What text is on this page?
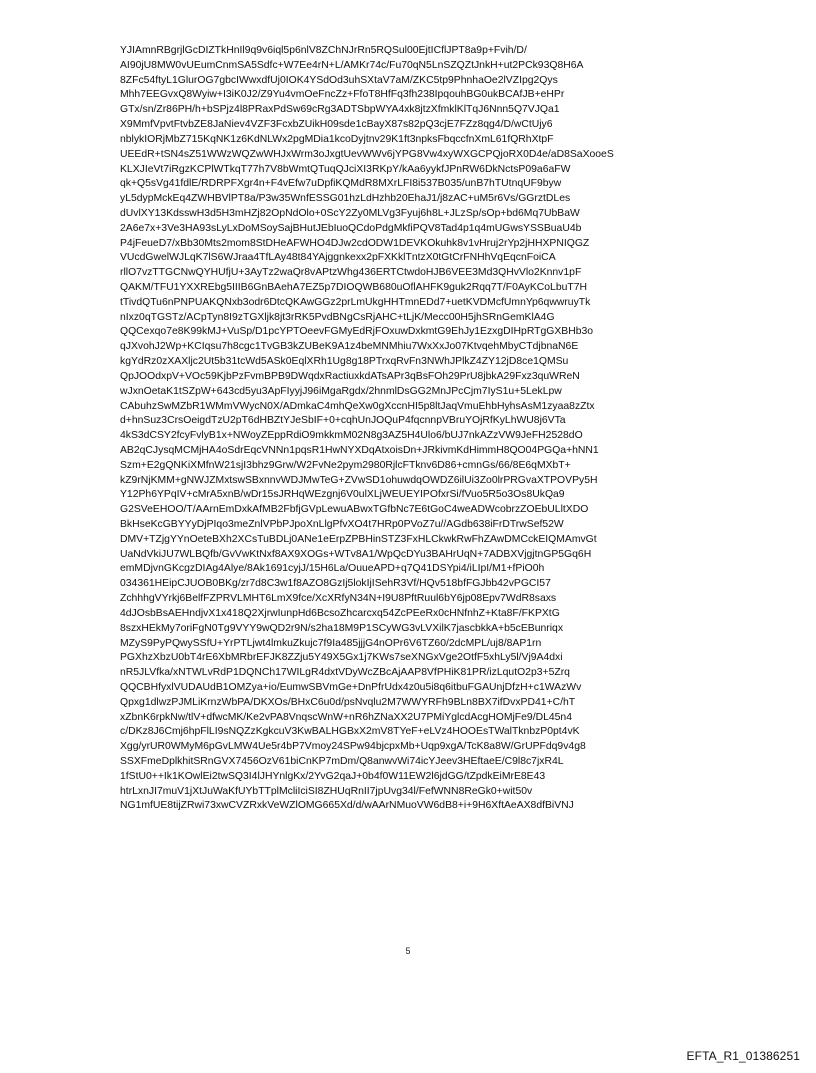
YJIAmnRBgrjlGcDIZTkHnIl9q9v6iql5p6nlV8ZChNJrRn5RQSul00EjtICflJPT8a9p+Fvih/D/
AI90jU8MW0vUEumCnmSA5Sdfc+W7Ee4rN+L/AMKr74c/Fu70qN5LnSZQZtJnkH+ut2PCk93Q8H6A
8ZFc54ftyL1GlurOG7gbcIWwxdfUj0IOK4YSdOd3uhSXtaV7aM/ZKC5tp9PhnhaOe2lVZIpg2Qys
Mhh7EEGvxQ8Wyiw+I3iK0J2/Z9Yu4vmOeFncZz+FfoT8HfFq3fh238IpqouhBG0ukBCAfJB+eHPr
GTx/sn/Zr86PH/h+bSPjz4l8PRaxPdSw69cRg3ADTSbpWYA4xk8jtzXfmklKlTqJ6Nnn5Q7VJQa1
X9MmfVpvtFtvbZE8JaNiev4VZF3FcxbZUikH09sde1cBayX87s82pQ3cjE7FZz8qg4/D/wCtUjy6
nblykIORjMbZ715KqNK1z6KdNLWx2pgMDia1kcoDyjtnv29K1ft3npksFbqccfnXmL61fQRhXtpF
UEEdR+tSN4sZ51WWzWQZwWHJxWrm3oJxgtUevWWv6jYPG8Vw4xyWXGCPQjoRX0D4e/aD8SaXooeS
KLXJIeVt7iRgzKCPlWTkqT77h7V8bWmtQTuqQJciXI3RKpY/kAa6yykfJPnRW6DkNctsP09a6aFW
qk+Q5sVg41fdlE/RDRPFXgr4n+F4vEfw7uDpfiKQMdR8MXrLFI8i537B035/unB7hTUtnqUF9byw
yL5dypMckEq4ZWHBVlPT8a/P3w35WnfESSG01hzLdHzhb20EhaJ1/j8zAC+uM5r6Vs/GGrztDLes
dUvlXY13KdsswH3d5H3mHZj82OpNdOlo+0ScY2Zy0MLVg3Fyuj6h8L+JLzSp/sOp+bd6Mq7UbBaW
2A6e7x+3Ve3HA93sLyLxDoMSoySajBHutJEbIuoQCdoPdgMkfiPQV8Tad4p1q4mUGwsYSSBuaU4b
P4jFeueD7/xBb30Mts2mom8StDHeAFWHO4DJw2cdODW1DEVKOkuhk8v1vHruj2rYp2jHHXPNIQGZ
VUcdGwelWJLqK7lS6WJraa4TfLAy48t84YAjggnkexx2pFXKklTntzX0tGtCrFNHhVqEqcnFoiCA
rllO7vzTTGCNwQYHUfjU+3AyTz2waQr8vAPtzWhg436ERTCtwdoHJB6VEE3Md3QHvVlo2Knnv1pF
QAKM/TFU1YXXREbg5IIIB6GnBAehA7EZ5p7DIOQWB680uOflAHFK9guk2Rqq7T/F0AyKCoLbuT7H
tTivdQTu6nPNPUAKQNxb3odr6DtcQKAwGGz2prLmUkgHHTmnEDd7+uetKVDMcfUmnYp6qwwruyTk
nIxz0qTGSTz/ACpTyn8I9zTGXljk8jt3rRK5PvdBNgCsRjAHC+tLjK/Mecc00H5jhSRnGemKlA4G
QQCexqo7e8K99kMJ+VuSp/D1pcYPTOeevFGMyEdRjFOxuwDxkmtG9EhJy1EzxgDIHpRTgGXBHb3o
qJXvohJ2Wp+KCIqsu7h8cgc1TvGB3kZUBeK9A1z4beMNMhiu7WxXxJo07KtvqehMbyCTdjbnaN6E
kgYdRz0zXAXljc2Ut5b31tcWd5ASk0EqlXRh1Ug8g18PTrxqRvFn3NWhJPlkZ4ZY12jD8ce1QMSu
QpJOOdxpV+VOc59KjbPzFvmBPB9DWqdxRactiuxkdATsAPr3qBsFOh29PrU8jbkA29Fxz3quWReN
wJxnOetaK1tSZpW+643cd5yu3ApFIyyjJ96iMgaRgdx/2hnmlDsGG2MnJPcCjm7IyS1u+5LekLpw
CAbuhzSwMZbR1WMmVWycN0X/ADmkaC4mhQeXw0gXccnHI5p8ltJaqVmuEhbHyhsAsM1zyaa8zZtx
d+hnSuz3CrsOeigdTzU2pT6dHBZtYJeSbIF+0+cqhUnJOQuP4fqcnnpVBruYOjRfKyLhWU8j6VTa
4kS3dCSY2fcyFvlyB1x+NWoyZEppRdiO9mkkmM02N8g3AZ5H4Ulo6/bUJ7nkAZzVW9JeFH2528dO
AB2qCJysqMCMjHA4oSdrEqcVNNn1pqsR1HwNYXDqAtxoisDn+JRkivmKdHimmH8QO04PGQa+hNN1
Szm+E2gQNKiXMfnW21sjI3bhz9Grw/W2FvNe2pym2980RjlcFTknv6D86+cmnGs/66/8E6qMXbT+
kZ9rNjKMM+gNWJZMxtswSBxnnvWDJMwTeG+ZVwSD1ohuwdqOWDZ6ilUi3Zo0lrPRGvaXTPOVPy5H
Y12Ph6YPqIV+cMrA5xnB/wDr15sJRHqWEzgnj6V0ulXLjWEUEYIPOfxrSi/fVuo5R5o3Os8UkQa9
G2SVeEHOO/T/AArnEmDxkAfMB2FbfjGVpLewuABwxTGfbNc7E6tGoC4weADWcobrzZOEbULltXDO
BkHseKcGBYYyDjPIqo3meZnlVPbPJpoXnLlgPfvXO4t7HRp0PVoZ7u//AGdb638iFrDTrwSef52W
DMV+TZjgYYnOeteBXh2XCsTuBDLj0ANe1eErpZPBHinSTZ3FxHLCkwkRwFhZAwDMCckEIQMAmvGt
UaNdVkiJU7WLBQfb/GvVwKtNxf8AX9XOGs+WTv8A1/WpQcDYu3BAHrUqN+7ADBXVjgjtnGP5Gq6H
emMDjvnGKcgzDIAg4Alye/8Ak1691cyjJ/15H6La/OuueAPD+q7Q41DSYpi4/iLIpI/M1+fPiO0h
034361HEipCJUOB0BKg/zr7d8C3w1f8AZO8GzIj5lokIjISehR3Vf/HQv518bfFGJbb42vPGCI57
ZchhhgVYrkj6BelfFZPRVLMHT6LmX9fce/XcXRfyN34N+I9U8PftRuul6bY6jp08Epv7WdR8saxs
4dJOsbBsAEHndjvX1x418Q2XjrwIunpHd6BcsoZhcarcxq54ZcPEeRx0cHNfnhZ+Kta8F/FKPXtG
8szxHEkMy7oriFgN0Tg9VYY9wQD2r9N/s2ha18M9P1SCyWG3vLVXilK7jascbkkA+b5cEBunriqx
MZyS9PyPQwySSfU+YrPTLjwt4lmkuZkujc7f9Ia485jjjG4nOPr6V6TZ60/2dcMPL/uj8/8AP1rn
PGXhzXbzU0bT4rE6XbMRbrEFJK8ZZju5Y49X5Gx1j7KWs7seXNGxVge2OtfF5xhLy5l/Vj9A4dxi
nR5JLVfka/xNTWLvRdP1DQNCh17WILgR4dxtVDyWcZBcAjAAP8VfPHiK81PR/izLqutO2p3+5Zrq
QQCBHfyxlVUDAUdB1OMZya+io/EumwSBVmGe+DnPfrUdx4z0u5i8q6itbuFGAUnjDfzH+c1WAzWv
Qpxg1dlwzPJMLiKrnzWbPA/DKXOs/BHxC6u0d/psNvqlu2M7WWYRFh9BLn8BX7ifDvxPD41+C/hT
xZbnK6rpkNw/tlV+dfwcMK/Ke2vPA8VnqscWnW+nR6hZNaXX2U7PMiYglcdAcgHOMjFe9/DL45n4
c/DKz8J6Cmj6hpFlLI9sNQZzKgkcuV3KwBALHGBxX2mV8TYeF+eLVz4HOOEsTWalTknbzP0pt4vK
Xgg/yrUR0WMyM6pGvLMW4Ue5r4bP7Vmoy24SPw94bjcpxMb+Uqp9xgA/TcK8a8W/GrUPFdq9v4g8
SSXFmeDplkhitSRnGVX7456OzV61biCnKP7mDm/Q8anwvWi74icYJeev3HEftaeE/C9l8c7jxR4L
1fStU0++Ik1KOwlEi2twSQ3I4lJHYnlgKx/2YvG2qaJ+0b4f0W11EW2l6jdGG/tZpdkEiMrE8E43
htrLxnJI7muV1jXtJuWaKfUYbTTplMcliIciSI8ZHUqRnII7jpUvg34l/FefWNN8ReGk0+wit50v
NG1mfUE8tijZRwi73xwCVZRxkVeWZlOMG665Xd/d/wAArNMuoVW6dB8+i+9H6XftAeAX8dfBiVNJ
5
EFTA_R1_01386251
